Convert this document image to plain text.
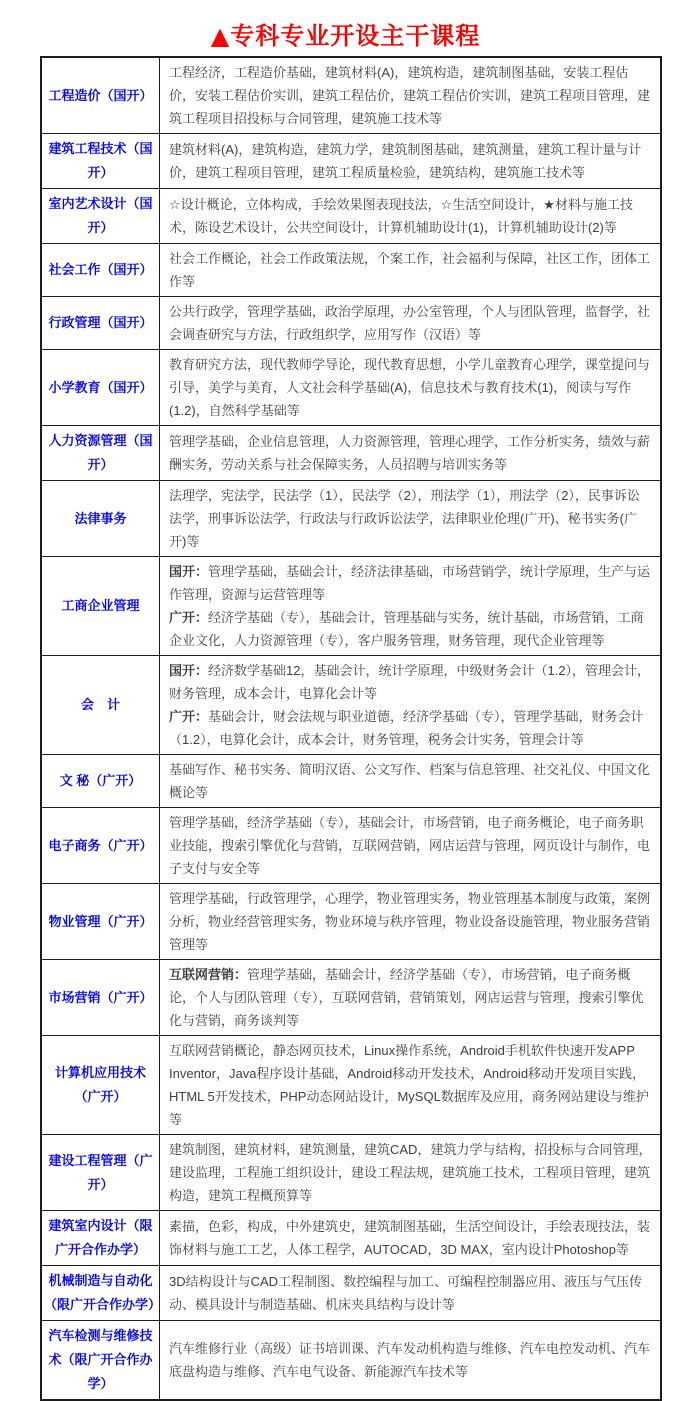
▲专科专业开设主干课程
工程造价（国开）	工程经济，工程造价基础，建筑材料(A)，建筑构造，建筑制图基础，安装工程估价，安装工程估价实训，建筑工程估价，建筑工程估价实训，建筑工程项目管理，建筑工程项目招投标与合同管理，建筑施工技术等

建筑工程技术（国开）	建筑材料(A)，建筑构造，建筑力学，建筑制图基础，建筑测量，建筑工程计量与计价，建筑工程项目管理，建筑工程质量检验，建筑结构，建筑施工技术等

室内艺术设计（国开）	☆设计概论，立体构成，手绘效果图表现技法，☆生活空间设计，★材料与施工技术，陈设艺术设计，公共空间设计，计算机辅助设计(1)，计算机辅助设计(2)等

社会工作（国开）	社会工作概论，社会工作政策法规，个案工作，社会福利与保障，社区工作，团体工作等

行政管理（国开）	公共行政学，管理学基础，政治学原理，办公室管理，个人与团队管理，监督学，社会调查研究与方法，行政组织学，应用写作（汉语）等

小学教育（国开）	教育研究方法，现代教师学导论，现代教育思想，小学儿童教育心理学，课堂提问与引导，美学与美育，人文社会科学基础(A)，信息技术与教育技术(1)，阅读与写作(1.2)，自然科学基础等

人力资源管理（国开）	管理学基础，企业信息管理，人力资源管理，管理心理学，工作分析实务，绩效与薪酬实务，劳动关系与社会保障实务，人员招聘与培训实务等

法律事务	法理学，宪法学，民法学（1），民法学（2），刑法学（1），刑法学（2），民事诉讼法学，刑事诉讼法学，行政法与行政诉讼法学，法律职业伦理(广开)、秘书实务(广开)等

工商企业管理	国开：管理学基础，基础会计，经济法律基础，市场营销学，统计学原理，生产与运作管理，资源与运营管理等
广开：经济学基础（专），基础会计，管理基础与实务，统计基础，市场营销，工商企业文化，人力资源管理（专），客户服务管理，财务管理，现代企业管理等

会　计	国开：经济数学基础12，基础会计，统计学原理，中级财务会计（1.2），管理会计，财务管理，成本会计，电算化会计等
广开：基础会计，财会法规与职业道德，经济学基础（专），管理学基础，财务会计（1.2），电算化会计，成本会计，财务管理，税务会计实务，管理会计等

文 秘（广开）	基础写作、秘书实务、简明汉语、公文写作、档案与信息管理、社交礼仪、中国文化概论等

电子商务（广开）	管理学基础，经济学基础（专），基础会计，市场营销，电子商务概论，电子商务职业技能，搜索引擎优化与营销，互联网营销，网店运营与管理，网页设计与制作，电子支付与安全等

物业管理（广开）	管理学基础，行政管理学，心理学，物业管理实务，物业管理基本制度与政策，案例分析，物业经营管理实务，物业环境与秩序管理，物业设备设施管理，物业服务营销管理等

市场营销（广开）	互联网营销：管理学基础，基础会计，经济学基础（专），市场营销，电子商务概论，个人与团队管理（专），互联网营销，营销策划，网店运营与管理，搜索引擎优化与营销，商务谈判等

计算机应用技术（广开）	互联网营销概论，静态网页技术，Linux操作系统，Android手机软件快速开发APP Inventor，Java程序设计基础，Android移动开发技术，Android移动开发项目实践，HTML 5开发技术，PHP动态网站设计，MySQL数据库及应用，商务网站建设与维护等

建设工程管理（广开）	建筑制图，建筑材料，建筑测量，建筑CAD，建筑力学与结构，招投标与合同管理，建设监理，工程施工组织设计，建设工程法规，建筑施工技术，工程项目管理，建筑构造，建筑工程概预算等

建筑室内设计（限广开合作办学）	素描，色彩，构成，中外建筑史，建筑制图基础，生活空间设计，手绘表现技法，装饰材料与施工工艺，人体工程学，AUTOCAD，3D MAX，室内设计Photoshop等

机械制造与自动化（限广开合作办学）	3D结构设计与CAD工程制图、数控编程与加工、可编程控制器应用、液压与气压传动、模具设计与制造基础、机床夹具结构与设计等

汽车检测与维修技术（限广开合作办学）	汽车维修行业（高级）证书培训课、汽车发动机构造与维修、汽车电控发动机、汽车底盘构造与维修、汽车电气设备、新能源汽车技术等
